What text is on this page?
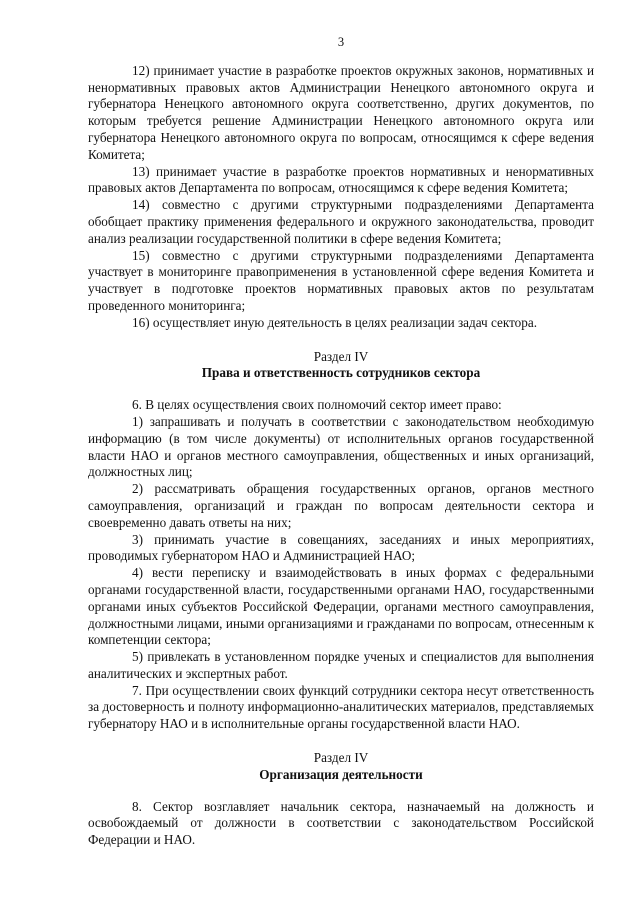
3

12) принимает участие в разработке проектов окружных законов, нормативных и ненормативных правовых актов Администрации Ненецкого автономного округа и губернатора Ненецкого автономного округа соответственно, других документов, по которым требуется решение Администрации Ненецкого автономного округа или губернатора Ненецкого автономного округа по вопросам, относящимся к сфере ведения Комитета;

13) принимает участие в разработке проектов нормативных и ненормативных правовых актов Департамента по вопросам, относящимся к сфере ведения Комитета;

14) совместно с другими структурными подразделениями Департамента обобщает практику применения федерального и окружного законодательства, проводит анализ реализации государственной политики в сфере ведения Комитета;

15) совместно с другими структурными подразделениями Департамента участвует в мониторинге правоприменения в установленной сфере ведения Комитета и участвует в подготовке проектов нормативных правовых актов по результатам проведенного мониторинга;

16) осуществляет иную деятельность в целях реализации задач сектора.

Раздел IV

Права и ответственность сотрудников сектора

6. В целях осуществления своих полномочий сектор имеет право:

1) запрашивать и получать в соответствии с законодательством необходимую информацию (в том числе документы) от исполнительных органов государственной власти НАО и органов местного самоуправления, общественных и иных организаций, должностных лиц;

2) рассматривать обращения государственных органов, органов местного самоуправления, организаций и граждан по вопросам деятельности сектора и своевременно давать ответы на них;

3) принимать участие в совещаниях, заседаниях и иных мероприятиях, проводимых губернатором НАО и Администрацией НАО;

4) вести переписку и взаимодействовать в иных формах с федеральными органами государственной власти, государственными органами НАО, государственными органами иных субъектов Российской Федерации, органами местного самоуправления, должностными лицами, иными организациями и гражданами по вопросам, отнесенным к компетенции сектора;

5) привлекать в установленном порядке ученых и специалистов для выполнения аналитических и экспертных работ.

7. При осуществлении своих функций сотрудники сектора несут ответственность за достоверность и полноту информационно-аналитических материалов, представляемых губернатору НАО и в исполнительные органы государственной власти НАО.

Раздел IV

Организация деятельности

8. Сектор возглавляет начальник сектора, назначаемый на должность и освобождаемый от должности в соответствии с законодательством Российской Федерации и НАО.
